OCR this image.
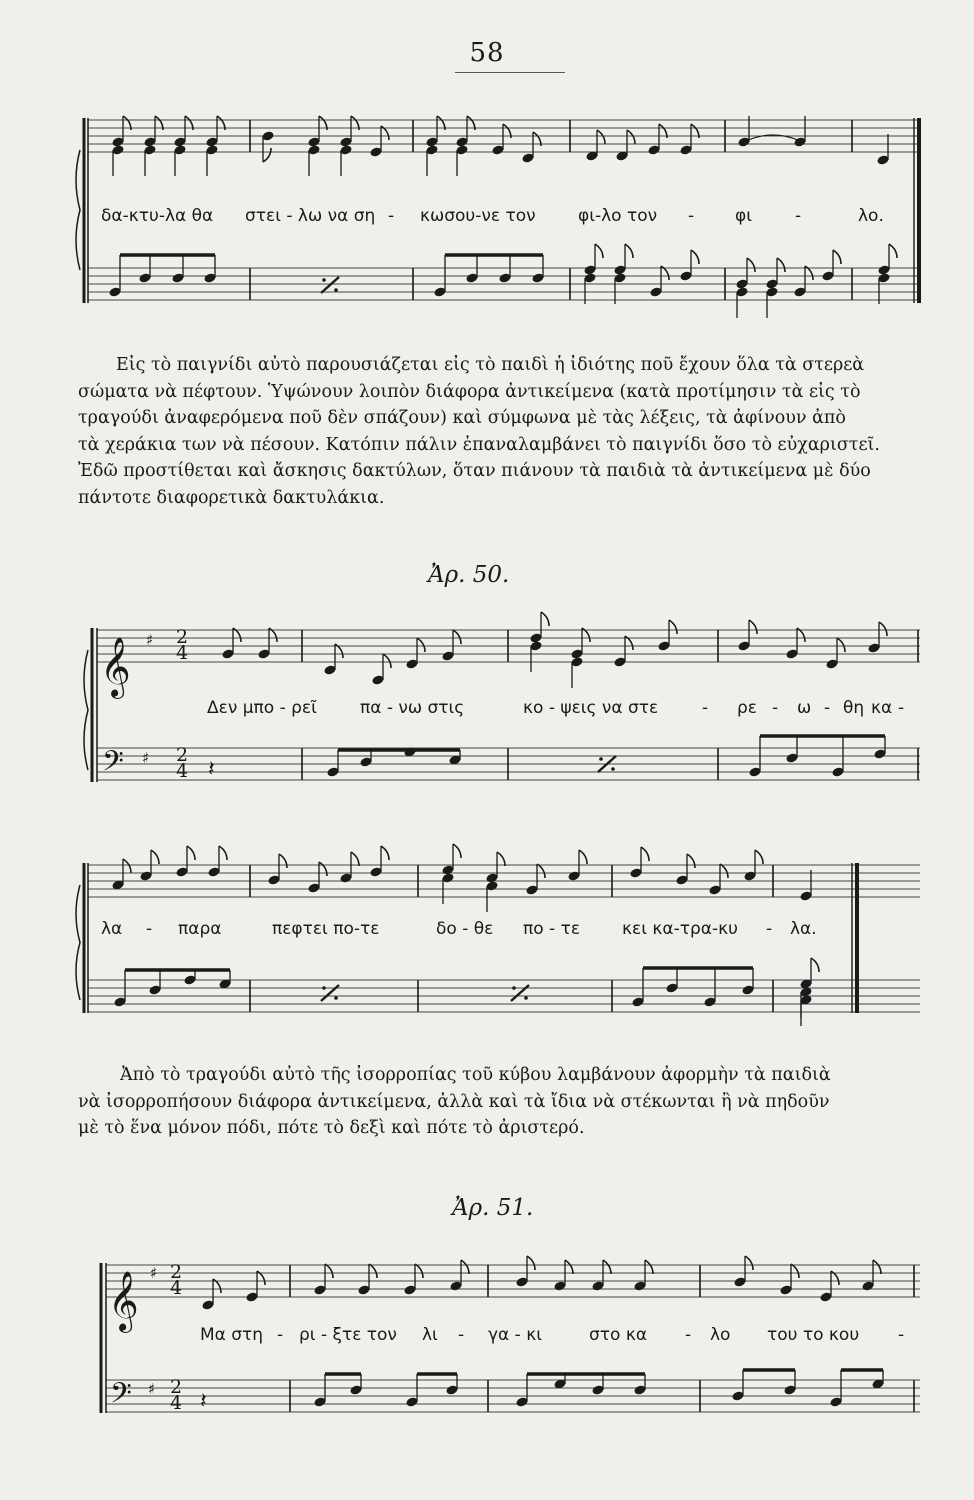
58
𝄞 ♯ 2
4
𝄢 ♯ 2
4 𝄽
𝄞 ♯ 2
4
𝄢 ♯ 2
4 𝄽
δα-κτυ-λα θα στει - λω να ση - κωσου-νε τον φι-λο τον - φι	-	λο.
Εἰς τὸ παιγνίδι αὐτὸ παρουσιάζεται εἰς τὸ παιδὶ ἡ ἰδιότης ποῦ ἔχουν ὅλα τὰ στερεὰ
σώματα νὰ πέφτουν. Ὑψώνουν λοιπὸν διάφορα ἀντικείμενα (κατὰ προτίμησιν τὰ εἰς τὸ
τραγούδι ἀναφερόμενα ποῦ δὲν σπάζουν) καὶ σύμφωνα μὲ τὰς λέξεις, τὰ ἀφίνουν ἀπὸ
τὰ χεράκια των νὰ πέσουν. Κατόπιν πάλιν ἐπαναλαμβάνει τὸ παιγνίδι ὅσο τὸ εὐχαριστεῖ.
Ἐδῶ προστίθεται καὶ ἄσκησις δακτύλων, ὅταν πιάνουν τὰ παιδιὰ τὰ ἀντικείμενα μὲ δύο
πάντοτε διαφορετικὰ δακτυλάκια.
Ἀρ. 50.
Δεν μπο - ρεῖ	πα - νω στις	κο - ψεις να στε	- ρε - ω - θη κα -
λα - παρα	πεφτει πο-τε	δο - θε πο - τε κει κα-τρα-κυ - λα.
Ἀπὸ τὸ τραγούδι αὐτὸ τῆς ἰσορροπίας τοῦ κύβου λαμβάνουν ἀφορμὴν τὰ παιδιὰ
νὰ ἰσορροπήσουν διάφορα ἀντικείμενα, ἀλλὰ καὶ τὰ ἴδια νὰ στέκωνται ἢ νὰ πηδοῦν
μὲ τὸ ἕνα μόνον πόδι, πότε τὸ δεξὶ καὶ πότε τὸ ἀριστερό.
Ἀρ. 51.
Μα στη - ρι - ξτε τον λι - γα - κι	στο κα - λο του το κου -
